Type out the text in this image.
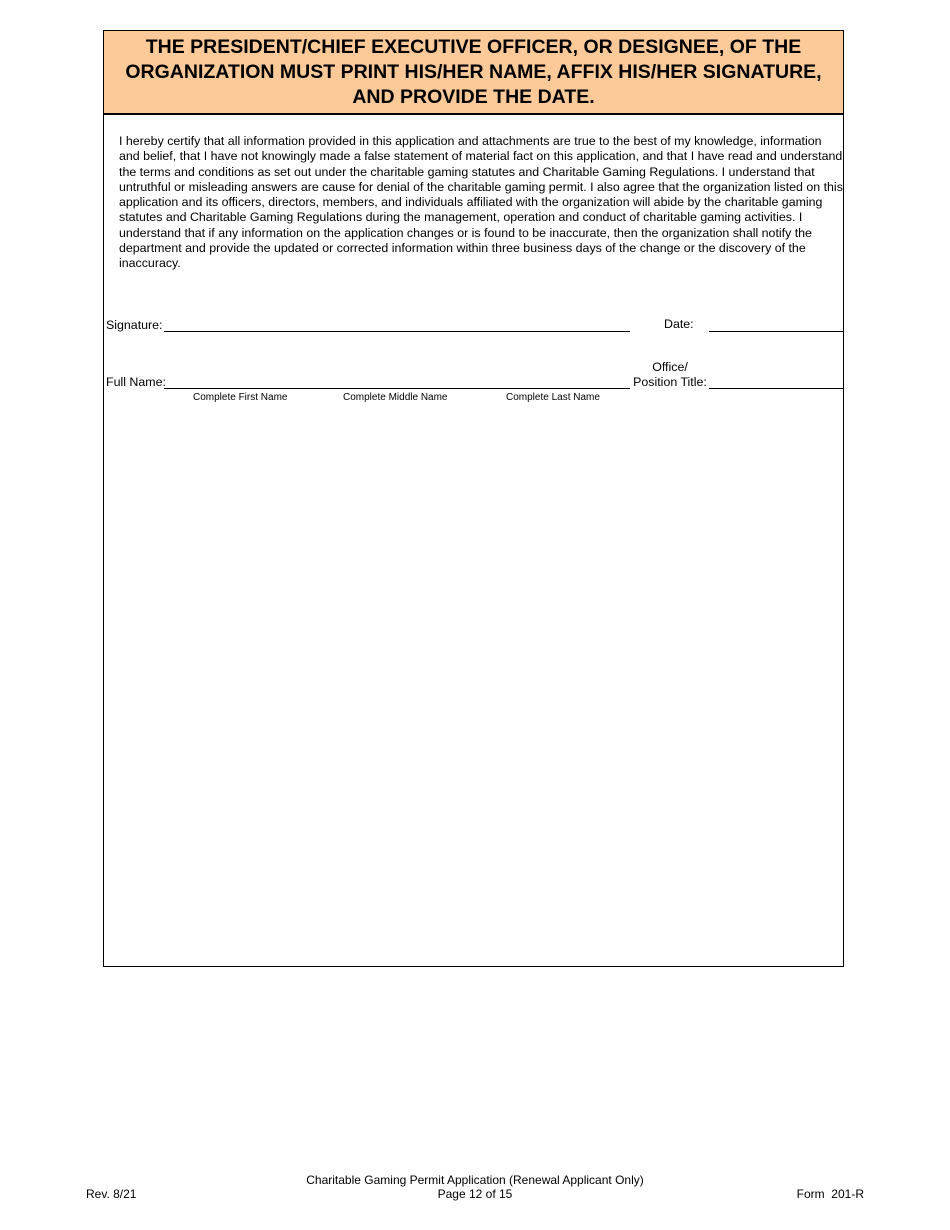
THE PRESIDENT/CHIEF EXECUTIVE OFFICER, OR DESIGNEE, OF THE ORGANIZATION MUST PRINT HIS/HER NAME, AFFIX HIS/HER SIGNATURE, AND PROVIDE THE DATE.
I hereby certify that all information provided in this application and attachments are true to the best of my knowledge, information and belief, that I have not knowingly made a false statement of material fact on this application, and that I have read and understand the terms and conditions as set out under the charitable gaming statutes and Charitable Gaming Regulations. I understand that untruthful or misleading answers are cause for denial of the charitable gaming permit. I also agree that the organization listed on this application and its officers, directors, members, and individuals affiliated with the organization will abide by the charitable gaming statutes and Charitable Gaming Regulations during the management, operation and conduct of charitable gaming activities. I understand that if any information on the application changes or is found to be inaccurate, then the organization shall notify the department and provide the updated or corrected information within three business days of the change or the discovery of the inaccuracy.
Signature:	Date:
Full Name:
Office/
Position Title:
Complete First Name	Complete Middle Name	Complete Last Name
Rev. 8/21
Charitable Gaming Permit Application (Renewal Applicant Only)
Page 12 of 15	Form  201-R
